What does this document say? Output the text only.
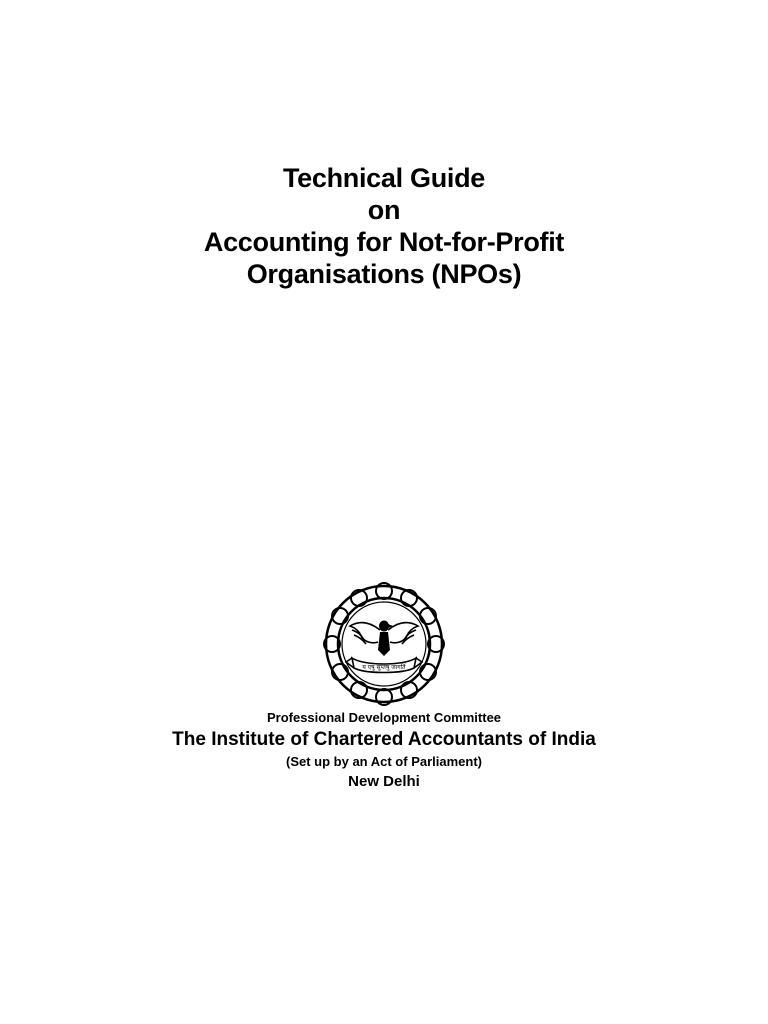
Technical Guide
on
Accounting for Not-for-Profit
Organisations (NPOs)
य एषु सुप्तेषु जागर्ति
Professional Development Committee
The Institute of Chartered Accountants of India
(Set up by an Act of Parliament)
New Delhi
